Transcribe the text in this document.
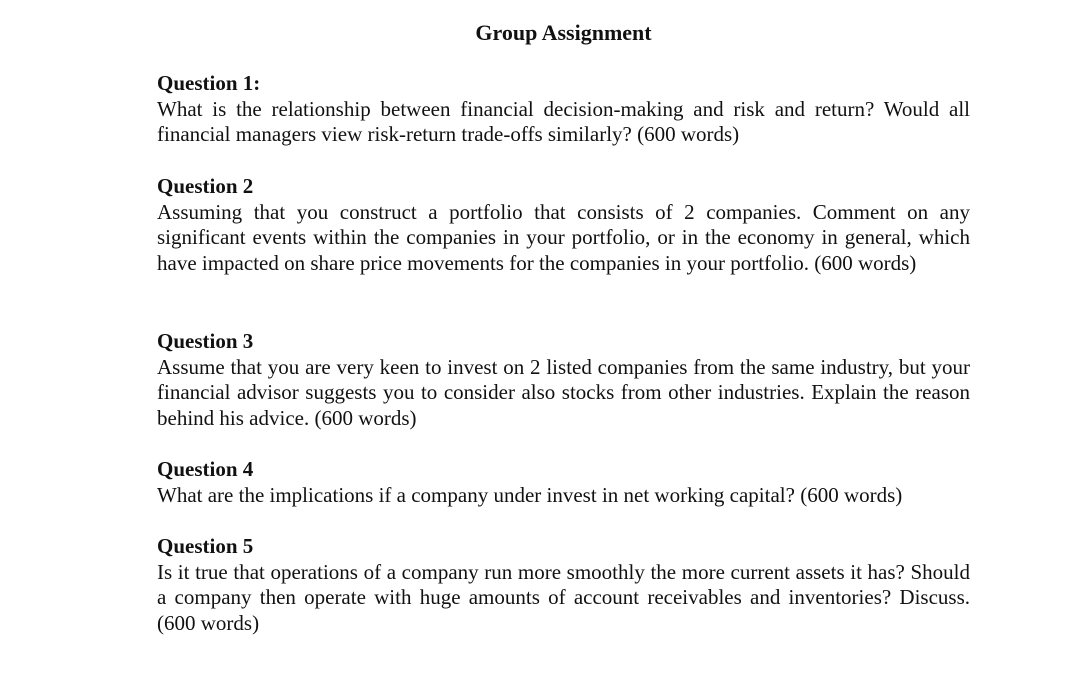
Group Assignment

Question 1:

What is the relationship between financial decision-making and risk and return? Would all financial managers view risk-return trade-offs similarly? (600 words)

Question 2

Assuming that you construct a portfolio that consists of 2 companies. Comment on any significant events within the companies in your portfolio, or in the economy in general, which have impacted on share price movements for the companies in your portfolio. (600 words)

Question 3

Assume that you are very keen to invest on 2 listed companies from the same industry, but your financial advisor suggests you to consider also stocks from other industries. Explain the reason behind his advice. (600 words)

Question 4

What are the implications if a company under invest in net working capital? (600 words)

Question 5

Is it true that operations of a company run more smoothly the more current assets it has? Should a company then operate with huge amounts of account receivables and inventories? Discuss. (600 words)
